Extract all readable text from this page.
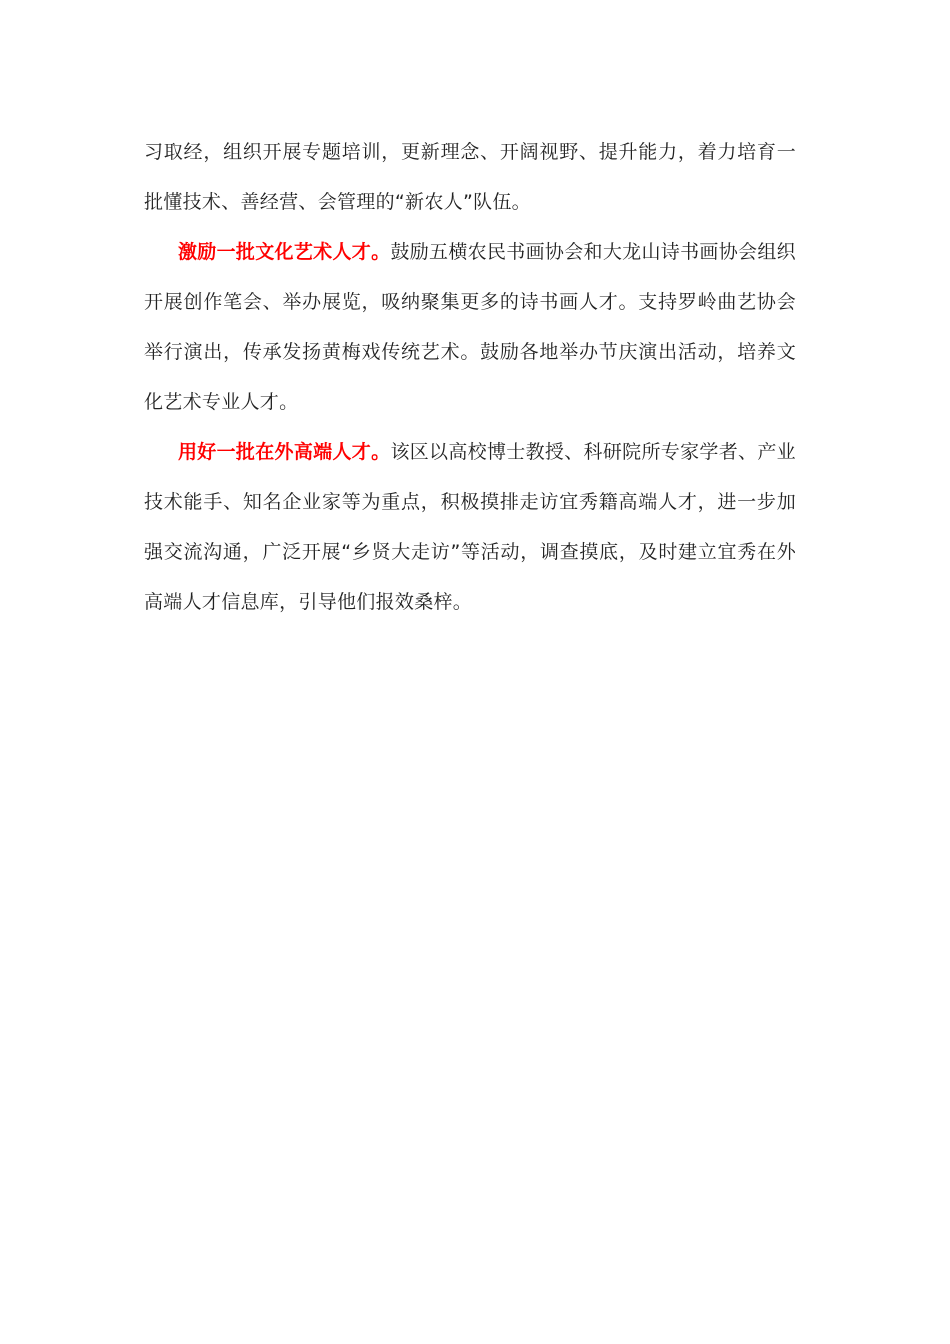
习取经，组织开展专题培训，更新理念、开阔视野、提升能力，着力培育一批懂技术、善经营、会管理的“新农人”队伍。

激励一批文化艺术人才。鼓励五横农民书画协会和大龙山诗书画协会组织开展创作笔会、举办展览，吸纳聚集更多的诗书画人才。支持罗岭曲艺协会举行演出，传承发扬黄梅戏传统艺术。鼓励各地举办节庆演出活动，培养文化艺术专业人才。

用好一批在外高端人才。该区以高校博士教授、科研院所专家学者、产业技术能手、知名企业家等为重点，积极摸排走访宜秀籍高端人才，进一步加强交流沟通，广泛开展“乡贤大走访”等活动，调查摸底，及时建立宜秀在外高端人才信息库，引导他们报效桑梓。
